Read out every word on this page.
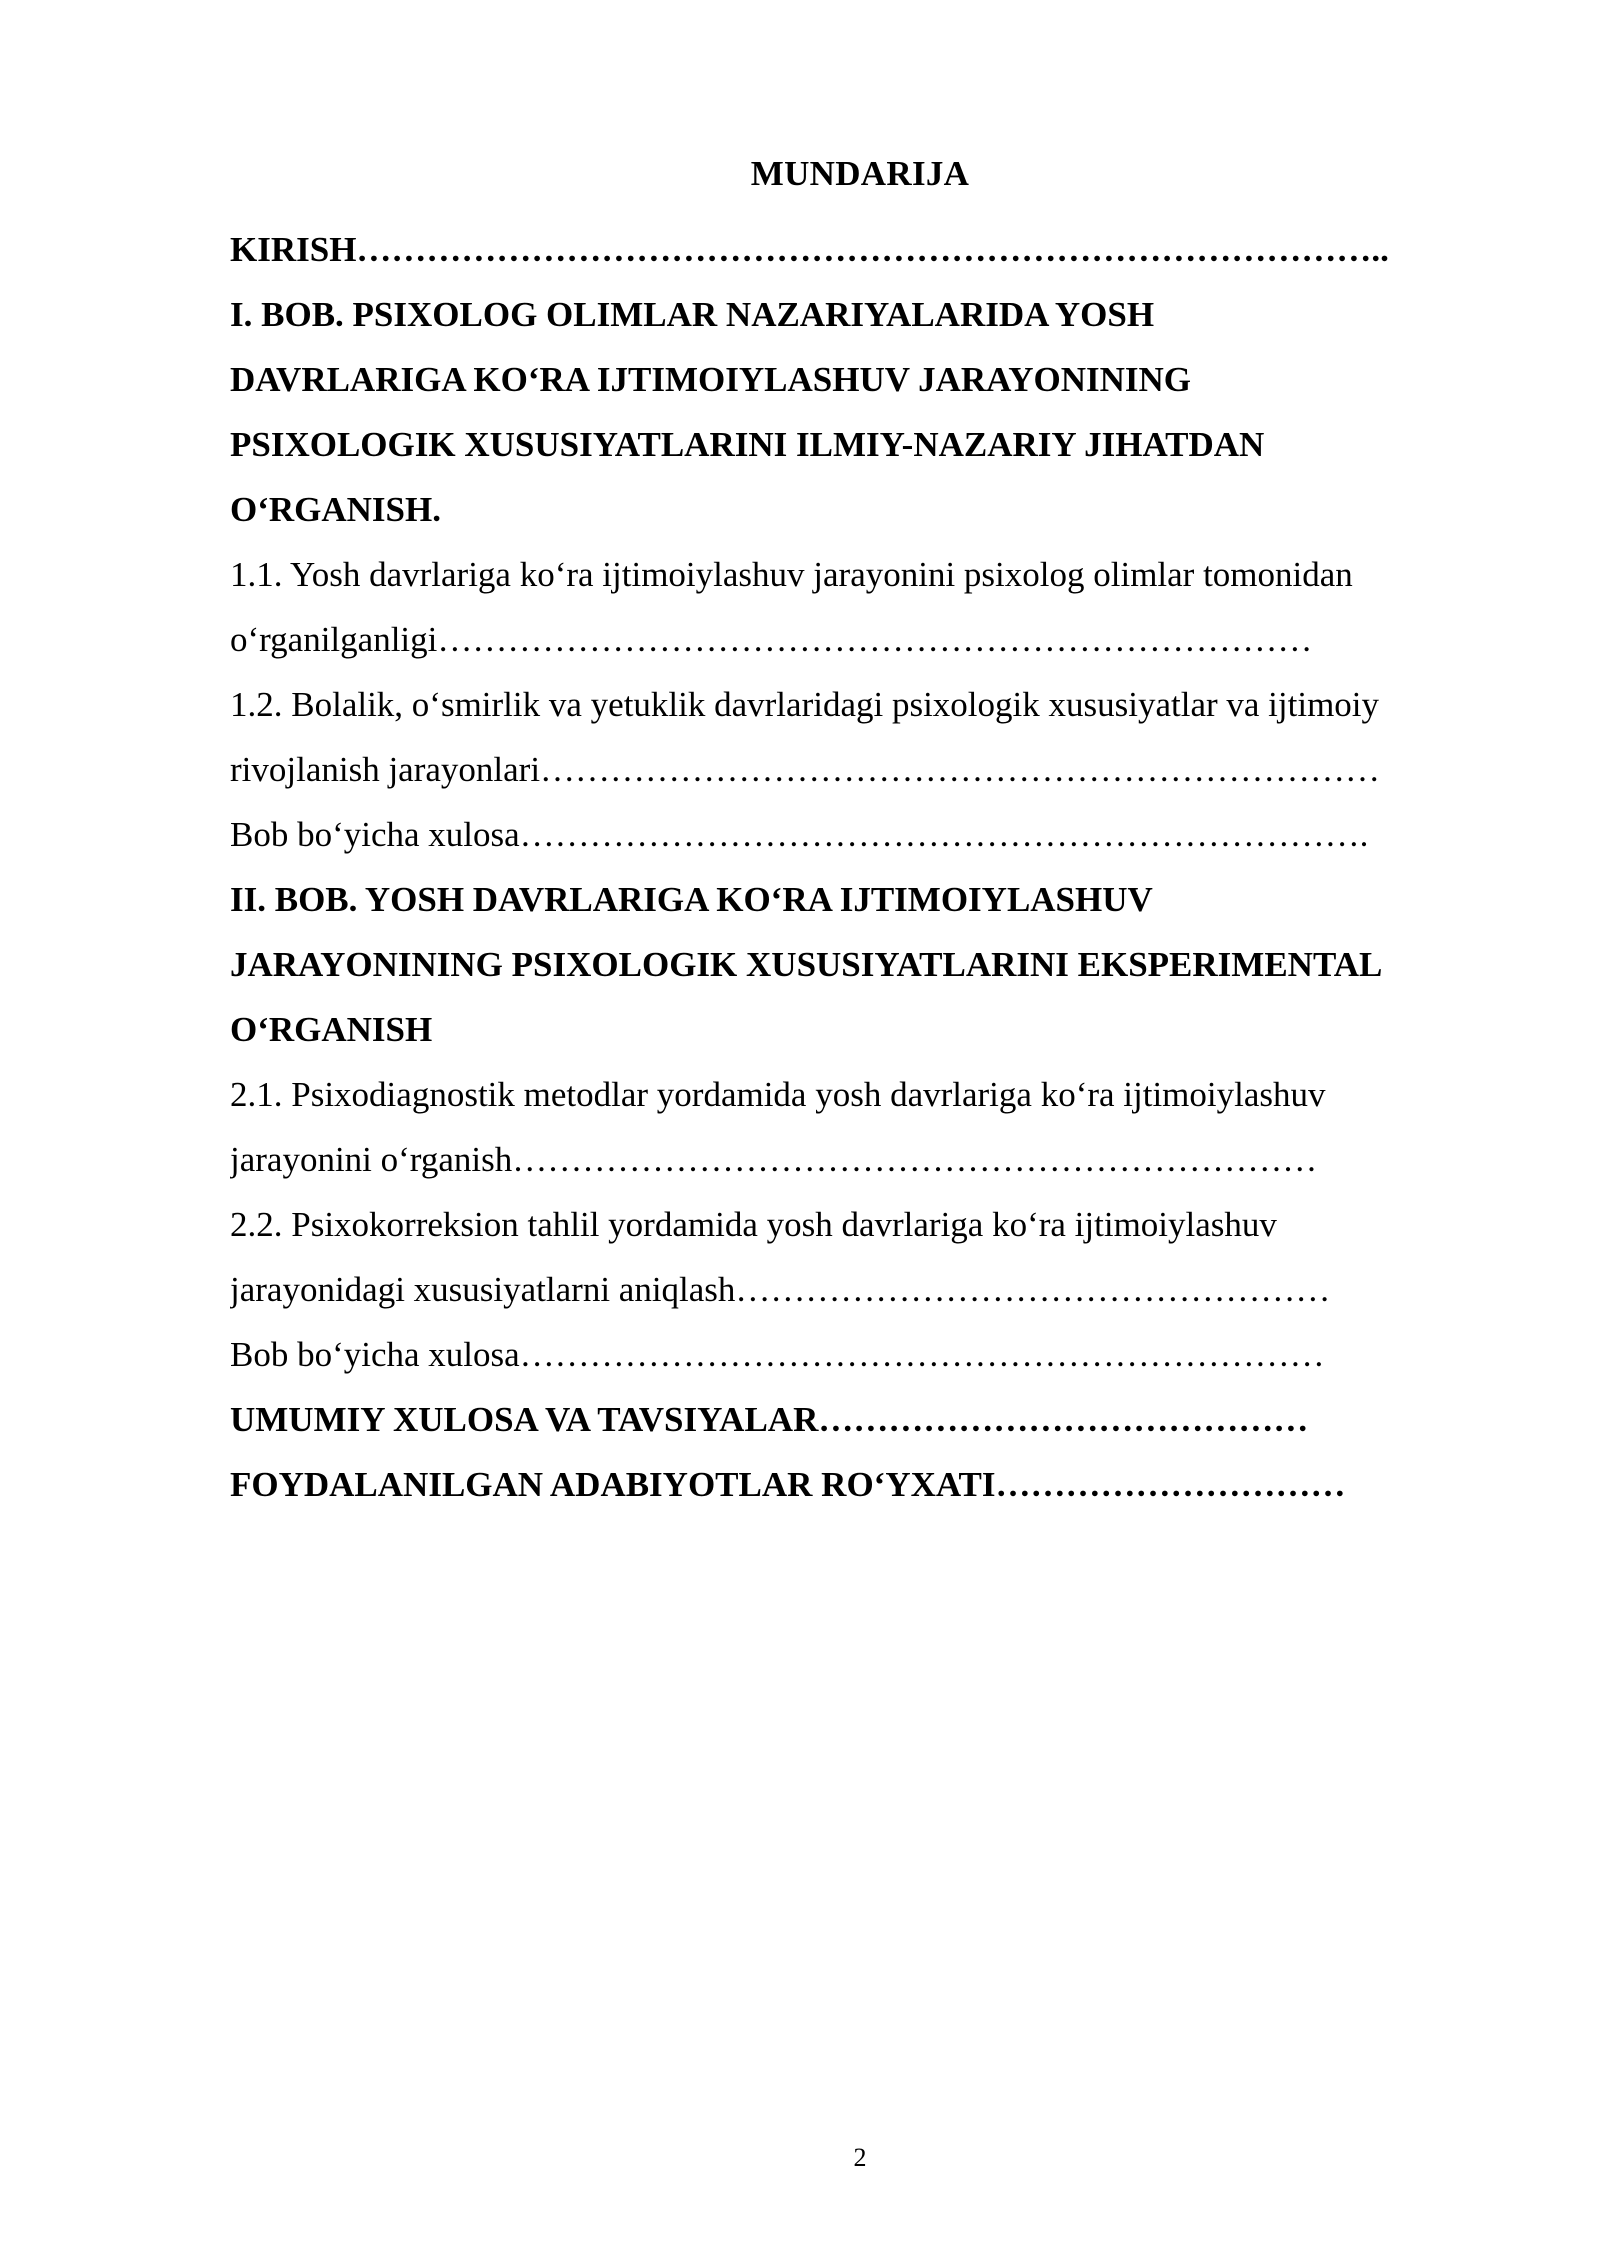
MUNDARIJA
KIRISH……………………………………………………………………………..
I. BOB. PSIXOLOG OLIMLAR NAZARIYALARIDA YOSH
DAVRLARIGA KO‘RA IJTIMOIYLASHUV JARAYONINING
PSIXOLOGIK XUSUSIYATLARINI ILMIY-NAZARIY JIHATDAN
O‘RGANISH.
1.1. Yosh davrlariga ko‘ra ijtimoiylashuv jarayonini psixolog olimlar tomonidan
o‘rganilganligi…………………………………………………………………
1.2. Bolalik, o‘smirlik va yetuklik davrlaridagi psixologik xususiyatlar va ijtimoiy
rivojlanish jarayonlari………………………………………………………………
Bob bo‘yicha xulosa……………………………………………………………….
II. BOB. YOSH DAVRLARIGA KO‘RA IJTIMOIYLASHUV
JARAYONINING PSIXOLOGIK XUSUSIYATLARINI EKSPERIMENTAL
O‘RGANISH
2.1. Psixodiagnostik metodlar yordamida yosh davrlariga ko‘ra ijtimoiylashuv
jarayonini o‘rganish……………………………………………………………
2.2. Psixokorreksion tahlil yordamida yosh davrlariga ko‘ra ijtimoiylashuv
jarayonidagi xususiyatlarni aniqlash……………………………………………
Bob bo‘yicha xulosa……………………………………………………………
UMUMIY XULOSA VA TAVSIYALAR……………………………………
FOYDALANILGAN ADABIYOTLAR RO‘YXATI…………………………
2
